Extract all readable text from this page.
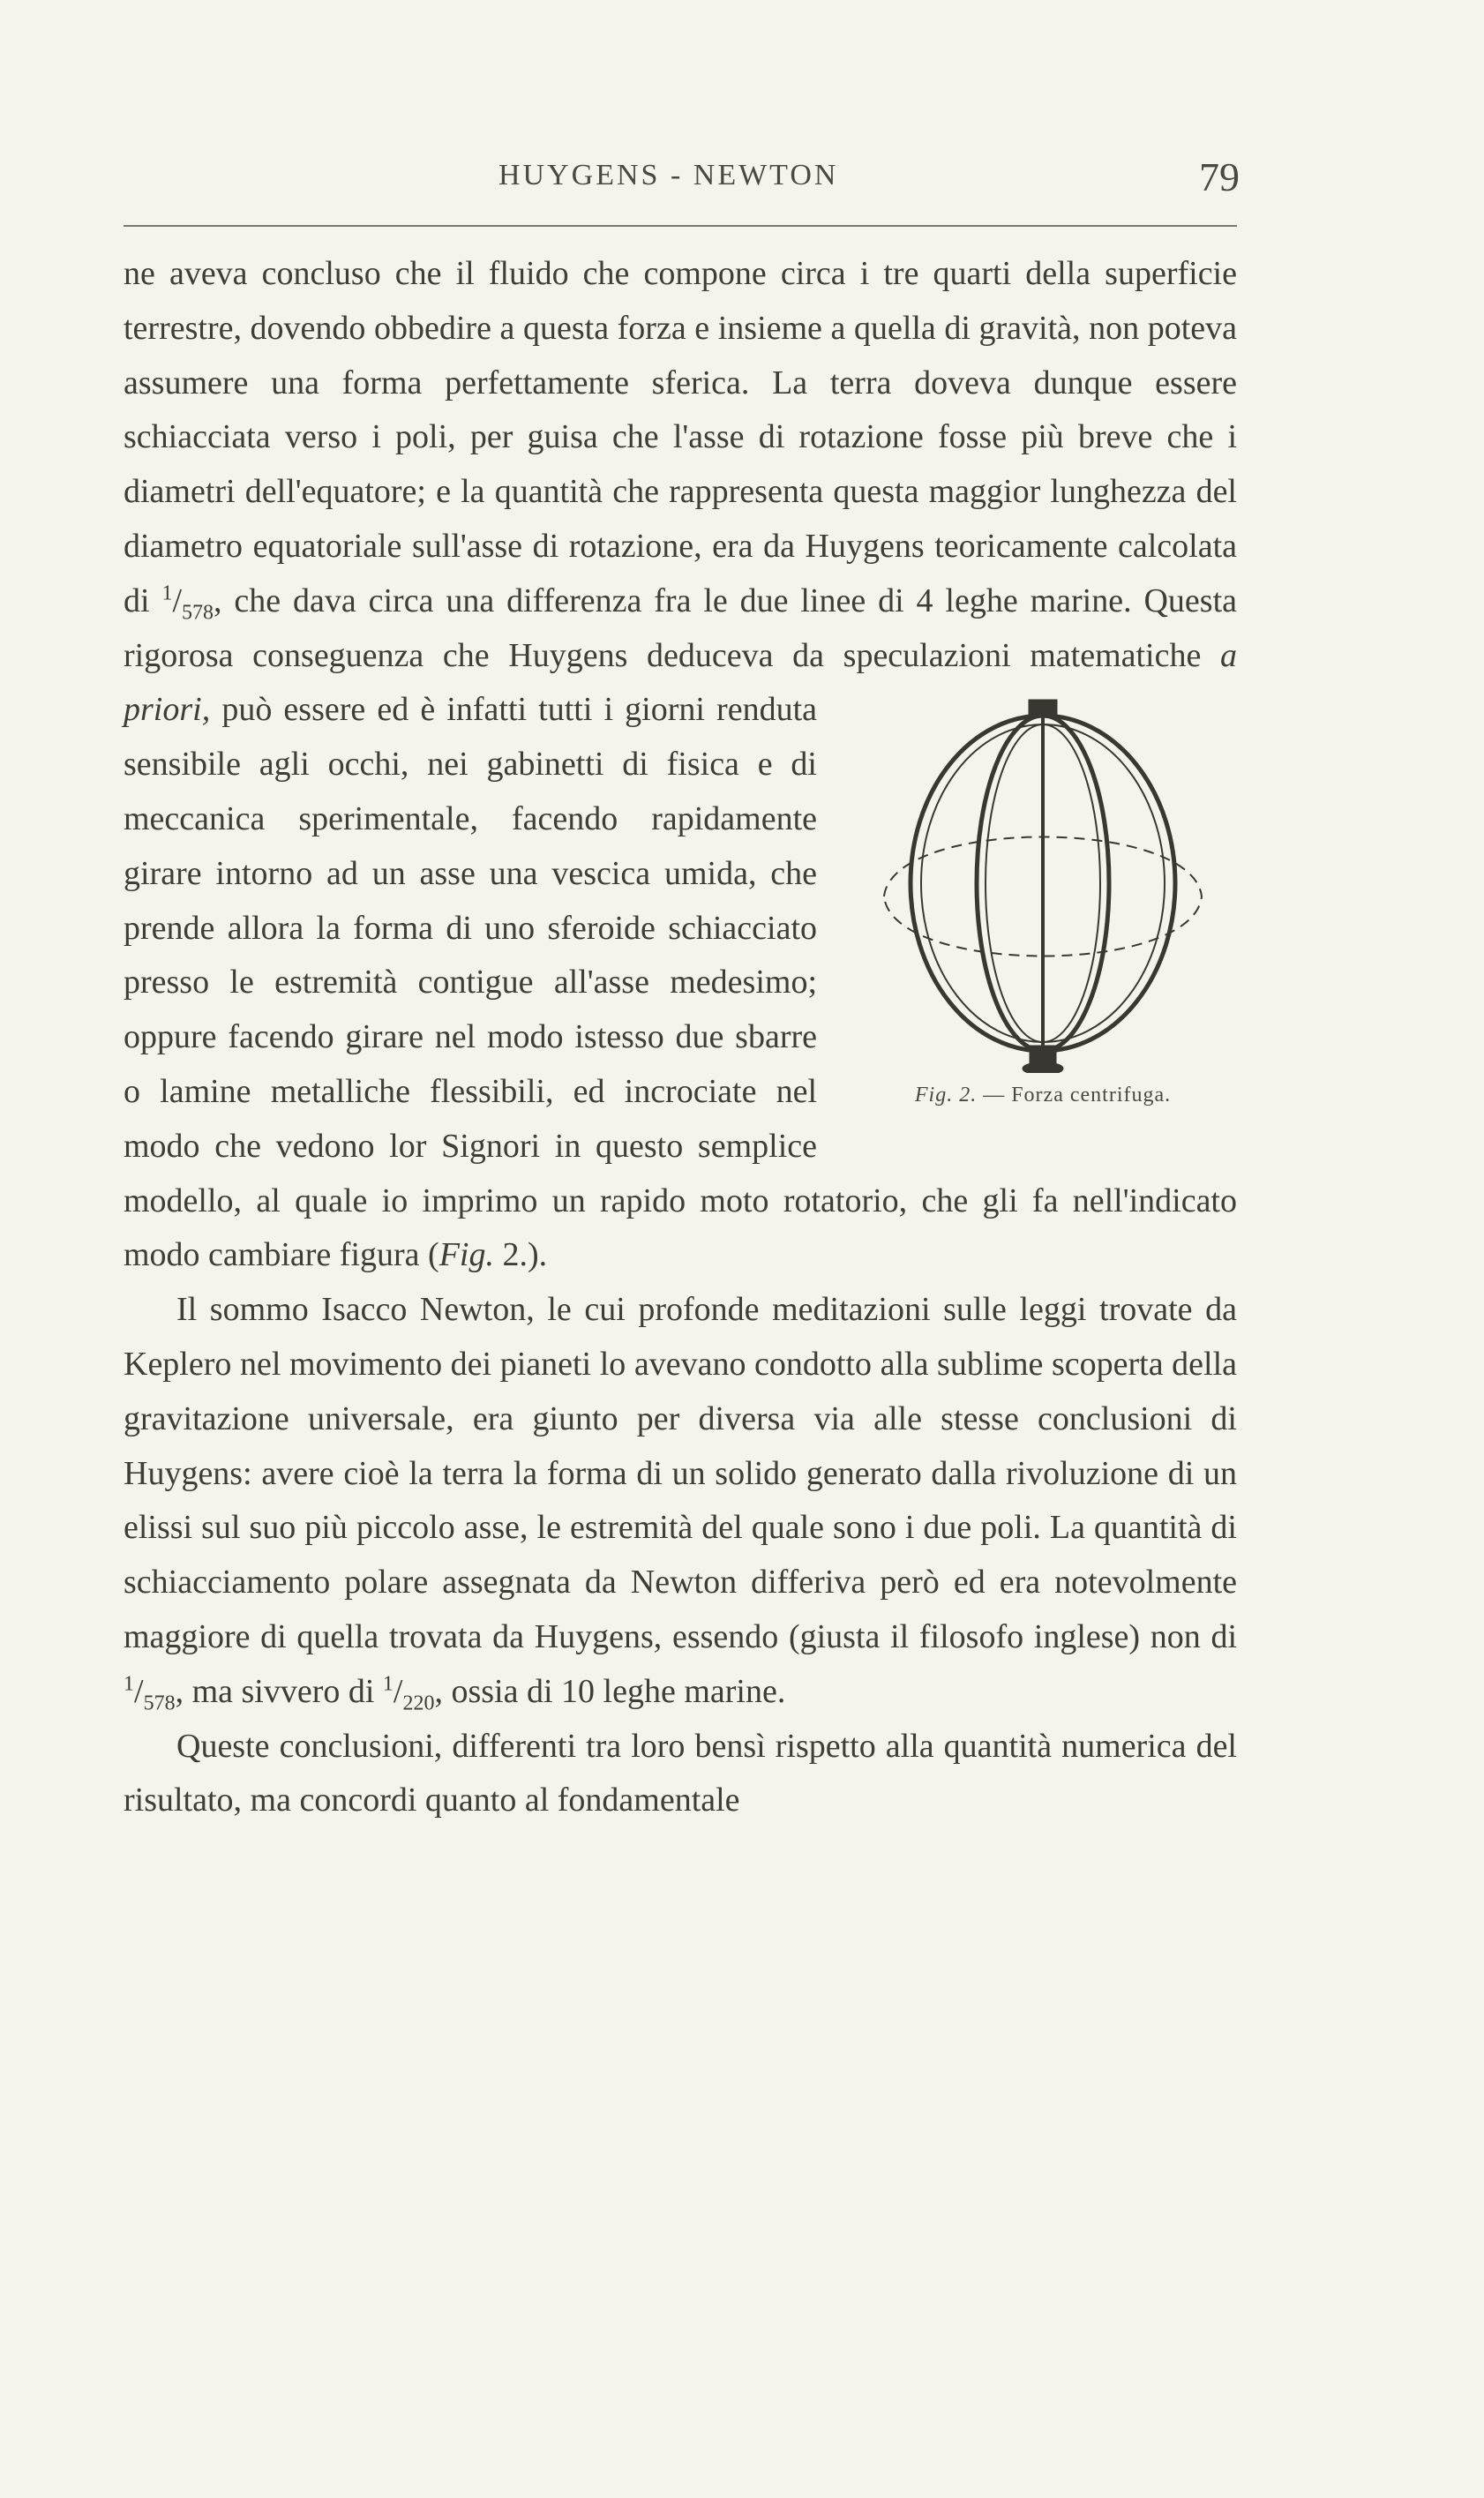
HUYGENS - NEWTON	79

ne aveva concluso che il fluido che compone circa i tre quarti della superficie terrestre, dovendo obbedire a questa forza e insieme a quella di gravità, non poteva assumere una forma perfettamente sferica. La terra doveva dunque essere schiacciata verso i poli, per guisa che l'asse di rotazione fosse più breve che i diametri dell'equatore; e la quantità che rappresenta questa maggior lunghezza del diametro equatoriale sull'asse di rotazione, era da Huygens teoricamente calcolata di $^1/_{578}$, che dava circa una differenza fra le due linee di 4 leghe marine. Questa rigorosa conseguenza che Huygens deduceva da speculazioni matematiche a priori,
Fig. 2. — Forza centrifuga.
può essere ed è infatti tutti i giorni renduta sensibile agli occhi, nei gabinetti di fisica e di meccanica sperimentale, facendo rapidamente girare intorno ad un asse una vescica umida, che prende allora la forma di uno sferoide schiacciato presso le estremità contigue all'asse medesimo; oppure facendo girare nel modo istesso due sbarre o lamine metalliche flessibili, ed incrociate nel modo che vedono lor Signori in questo semplice modello, al quale io imprimo un rapido moto rotatorio, che gli fa nell'indicato modo cambiare figura (Fig. 2.).

Il sommo Isacco Newton, le cui profonde meditazioni sulle leggi trovate da Keplero nel movimento dei pianeti lo avevano condotto alla sublime scoperta della gravitazione universale, era giunto per diversa via alle stesse conclusioni di Huygens: avere cioè la terra la forma di un solido generato dalla rivoluzione di un elissi sul suo più piccolo asse, le estremità del quale sono i due poli. La quantità di schiacciamento polare assegnata da Newton differiva però ed era notevolmente maggiore di quella trovata da Huygens, essendo (giusta il filosofo inglese) non di $^1/_{578}$, ma sivvero di $^1/_{220}$, ossia di 10 leghe marine.

Queste conclusioni, differenti tra loro bensì rispetto alla quantità numerica del risultato, ma concordi quanto al fondamentale
